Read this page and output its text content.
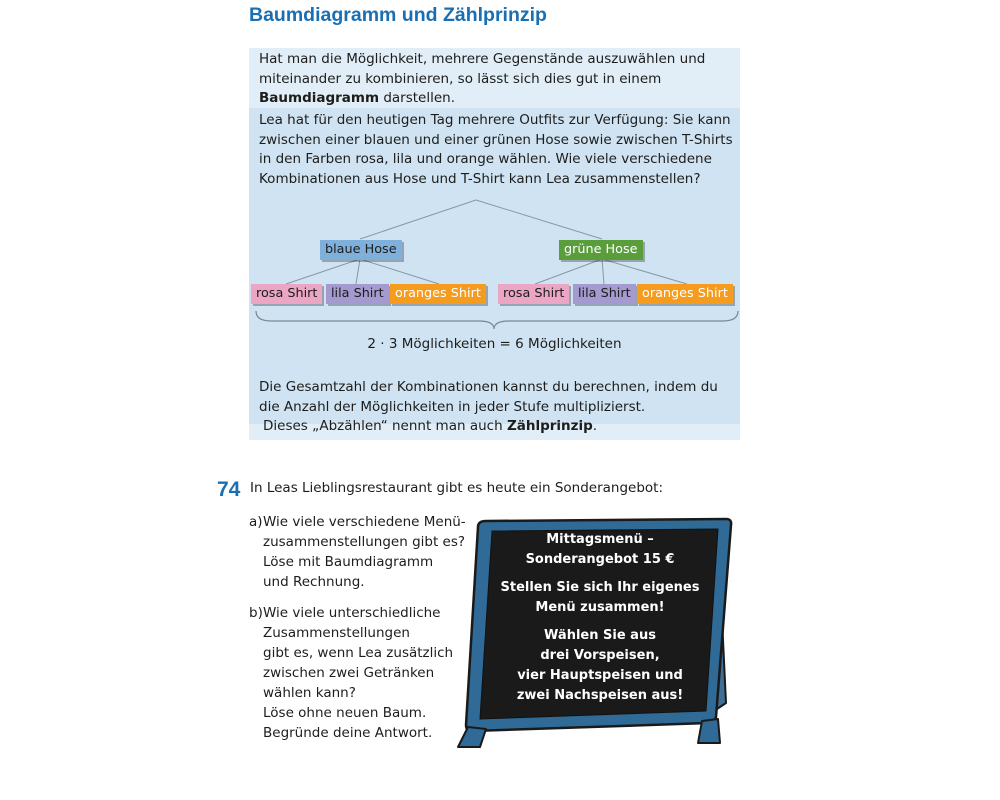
Baumdiagramm und Zählprinzip

Hat man die Möglichkeit, mehrere Gegenstände auszuwählen und
miteinander zu kombinieren, so lässt sich dies gut in einem
Baumdiagramm darstellen.

Lea hat für den heutigen Tag mehrere Outfits zur Verfügung: Sie kann
zwischen einer blauen und einer grünen Hose sowie zwischen T-Shirts
in den Farben rosa, lila und orange wählen. Wie viele verschiedene
Kombinationen aus Hose und T-Shirt kann Lea zusammenstellen?

blaue Hose	grüne Hose
rosa Shirt	lila Shirt oranges Shirt	rosa Shirt	lila Shirt oranges Shirt

2 · 3 Möglichkeiten = 6 Möglichkeiten

Die Gesamtzahl der Kombinationen kannst du berechnen, indem du
die Anzahl der Möglichkeiten in jeder Stufe multiplizierst.
Dieses „Abzählen“ nennt man auch Zählprinzip.

74 In Leas Lieblingsrestaurant gibt es heute ein Sonderangebot:

a)Wie viele verschiedene Menü-
zusammenstellungen gibt es?
Löse mit Baumdiagramm
und Rechnung.

b)Wie viele unterschiedliche
Zusammenstellungen
gibt es, wenn Lea zusätzlich
zwischen zwei Getränken
wählen kann?
Löse ohne neuen Baum.
Begründe deine Antwort.

Mittagsmenü –
Sonderangebot 15 €
Stellen Sie sich Ihr eigenes
Menü zusammen!
Wählen Sie aus
drei Vorspeisen,
vier Hauptspeisen und
zwei Nachspeisen aus!
